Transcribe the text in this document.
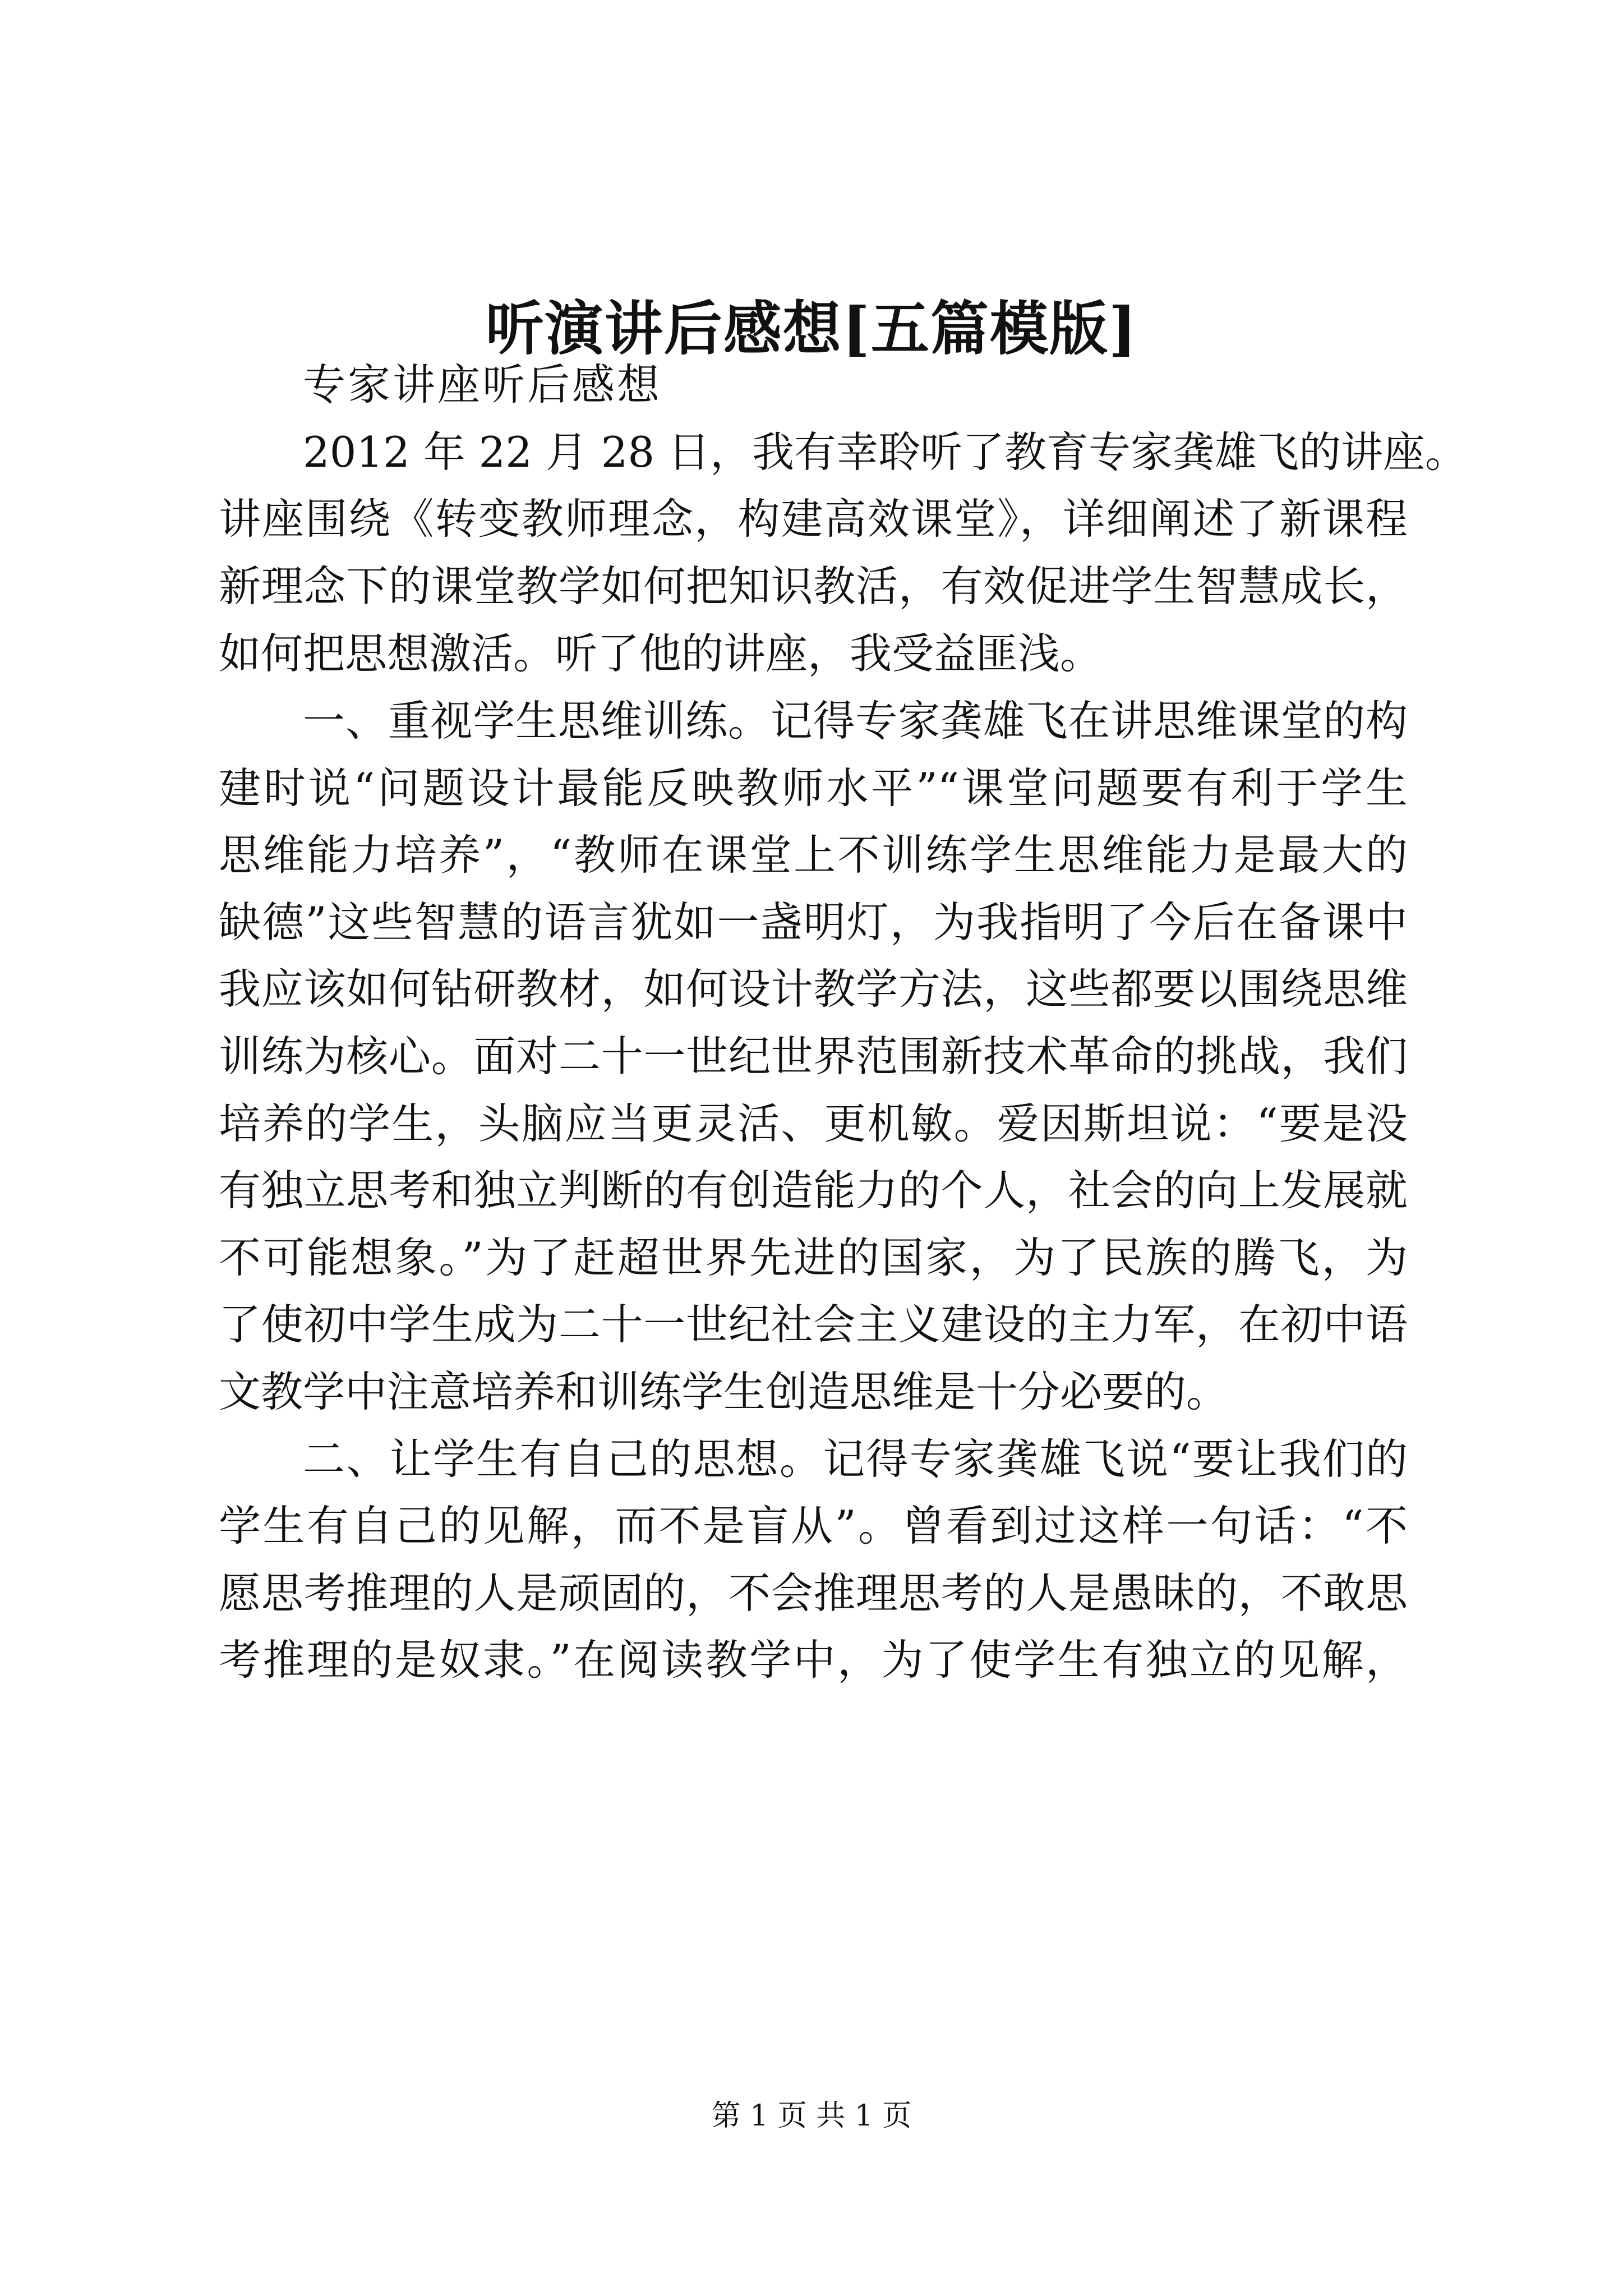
听演讲后感想[五篇模版]
专家讲座听后感想
2012 年 22 月 28 日，我有幸聆听了教育专家龚雄飞的讲座。
讲座围绕《转变教师理念，构建高效课堂》，详细阐述了新课程
新理念下的课堂教学如何把知识教活，有效促进学生智慧成长，
如何把思想激活。听了他的讲座，我受益匪浅。
一、重视学生思维训练。记得专家龚雄飞在讲思维课堂的构
建时说“问题设计最能反映教师水平”“课堂问题要有利于学生
思维能力培养”，“教师在课堂上不训练学生思维能力是最大的
缺德”这些智慧的语言犹如一盏明灯，为我指明了今后在备课中
我应该如何钻研教材，如何设计教学方法，这些都要以围绕思维
训练为核心。面对二十一世纪世界范围新技术革命的挑战，我们
培养的学生，头脑应当更灵活、更机敏。爱因斯坦说：“要是没
有独立思考和独立判断的有创造能力的个人，社会的向上发展就
不可能想象。”为了赶超世界先进的国家，为了民族的腾飞，为
了使初中学生成为二十一世纪社会主义建设的主力军，在初中语
文教学中注意培养和训练学生创造思维是十分必要的。
二、让学生有自己的思想。记得专家龚雄飞说“要让我们的
学生有自己的见解，而不是盲从”。曾看到过这样一句话：“不
愿思考推理的人是顽固的，不会推理思考的人是愚昧的，不敢思
考推理的是奴隶。”在阅读教学中，为了使学生有独立的见解，
第 1 页 共 1 页
